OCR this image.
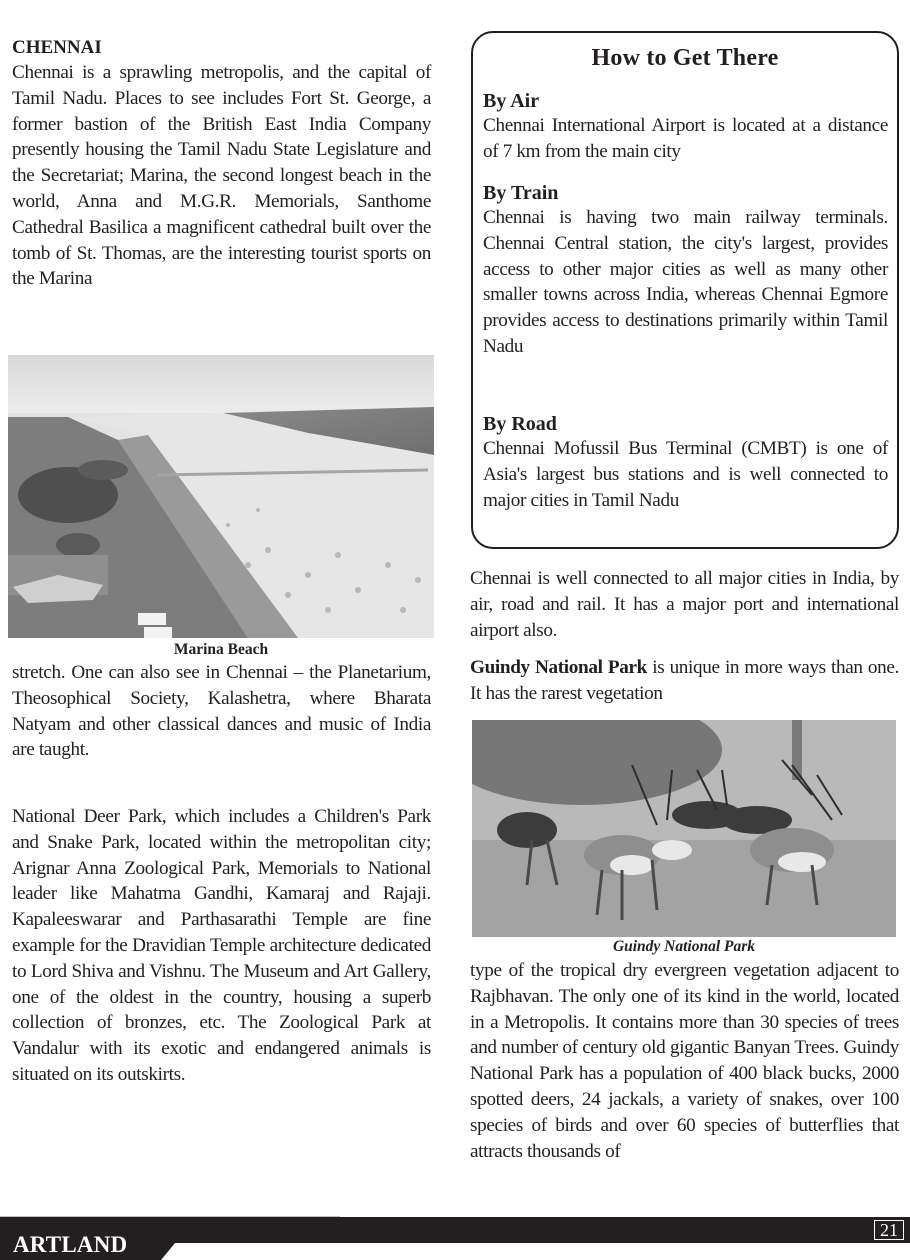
CHENNAI

Chennai is a sprawling metropolis, and the capital of Tamil Nadu. Places to see includes Fort St. George, a former bastion of the British East India Company presently housing the Tamil Nadu State Legislature and the Secretariat; Marina, the second longest beach in the world, Anna and M.G.R. Memorials, Santhome Cathedral Basilica a magnificent cathedral built over the tomb of St. Thomas, are the interesting tourist sports on the Marina

Marina Beach

stretch. One can also see in Chennai – the Planetarium, Theosophical Society, Kalashetra, where Bharata Natyam and other classical dances and music of India are taught.

National Deer Park, which includes a Children's Park and Snake Park, located within the metropolitan city; Arignar Anna Zoological Park, Memorials to National leader like Mahatma Gandhi, Kamaraj and Rajaji. Kapaleeswarar and Parthasarathi Temple are fine example for the Dravidian Temple architecture dedicated to Lord Shiva and Vishnu. The Museum and Art Gallery, one of the oldest in the country, housing a superb collection of bronzes, etc. The Zoological Park at Vandalur with its exotic and endangered animals is situated on its outskirts.

How to Get There
By Air

Chennai International Airport is located at a distance of 7 km from the main city

By Train

Chennai is having two main railway terminals. Chennai Central station, the city's largest, provides access to other major cities as well as many other smaller towns across India, whereas Chennai Egmore provides access to destinations primarily within Tamil Nadu

By Road

Chennai Mofussil Bus Terminal (CMBT) is one of Asia's largest bus stations and is well connected to major cities in Tamil Nadu

Chennai is well connected to all major cities in India, by air, road and rail. It has a major port and international airport also.

Guindy National Park is unique in more ways than one. It has the rarest vegetation

Guindy National Park

type of the tropical dry evergreen vegetation adjacent to Rajbhavan. The only one of its kind in the world, located in a Metropolis. It contains more than 30 species of trees and number of century old gigantic Banyan Trees. Guindy National Park has a population of 400 black bucks, 2000 spotted deers, 24 jackals, a variety of snakes, over 100 species of birds and over 60 species of butterflies that attracts thousands of

ARTLAND
21
